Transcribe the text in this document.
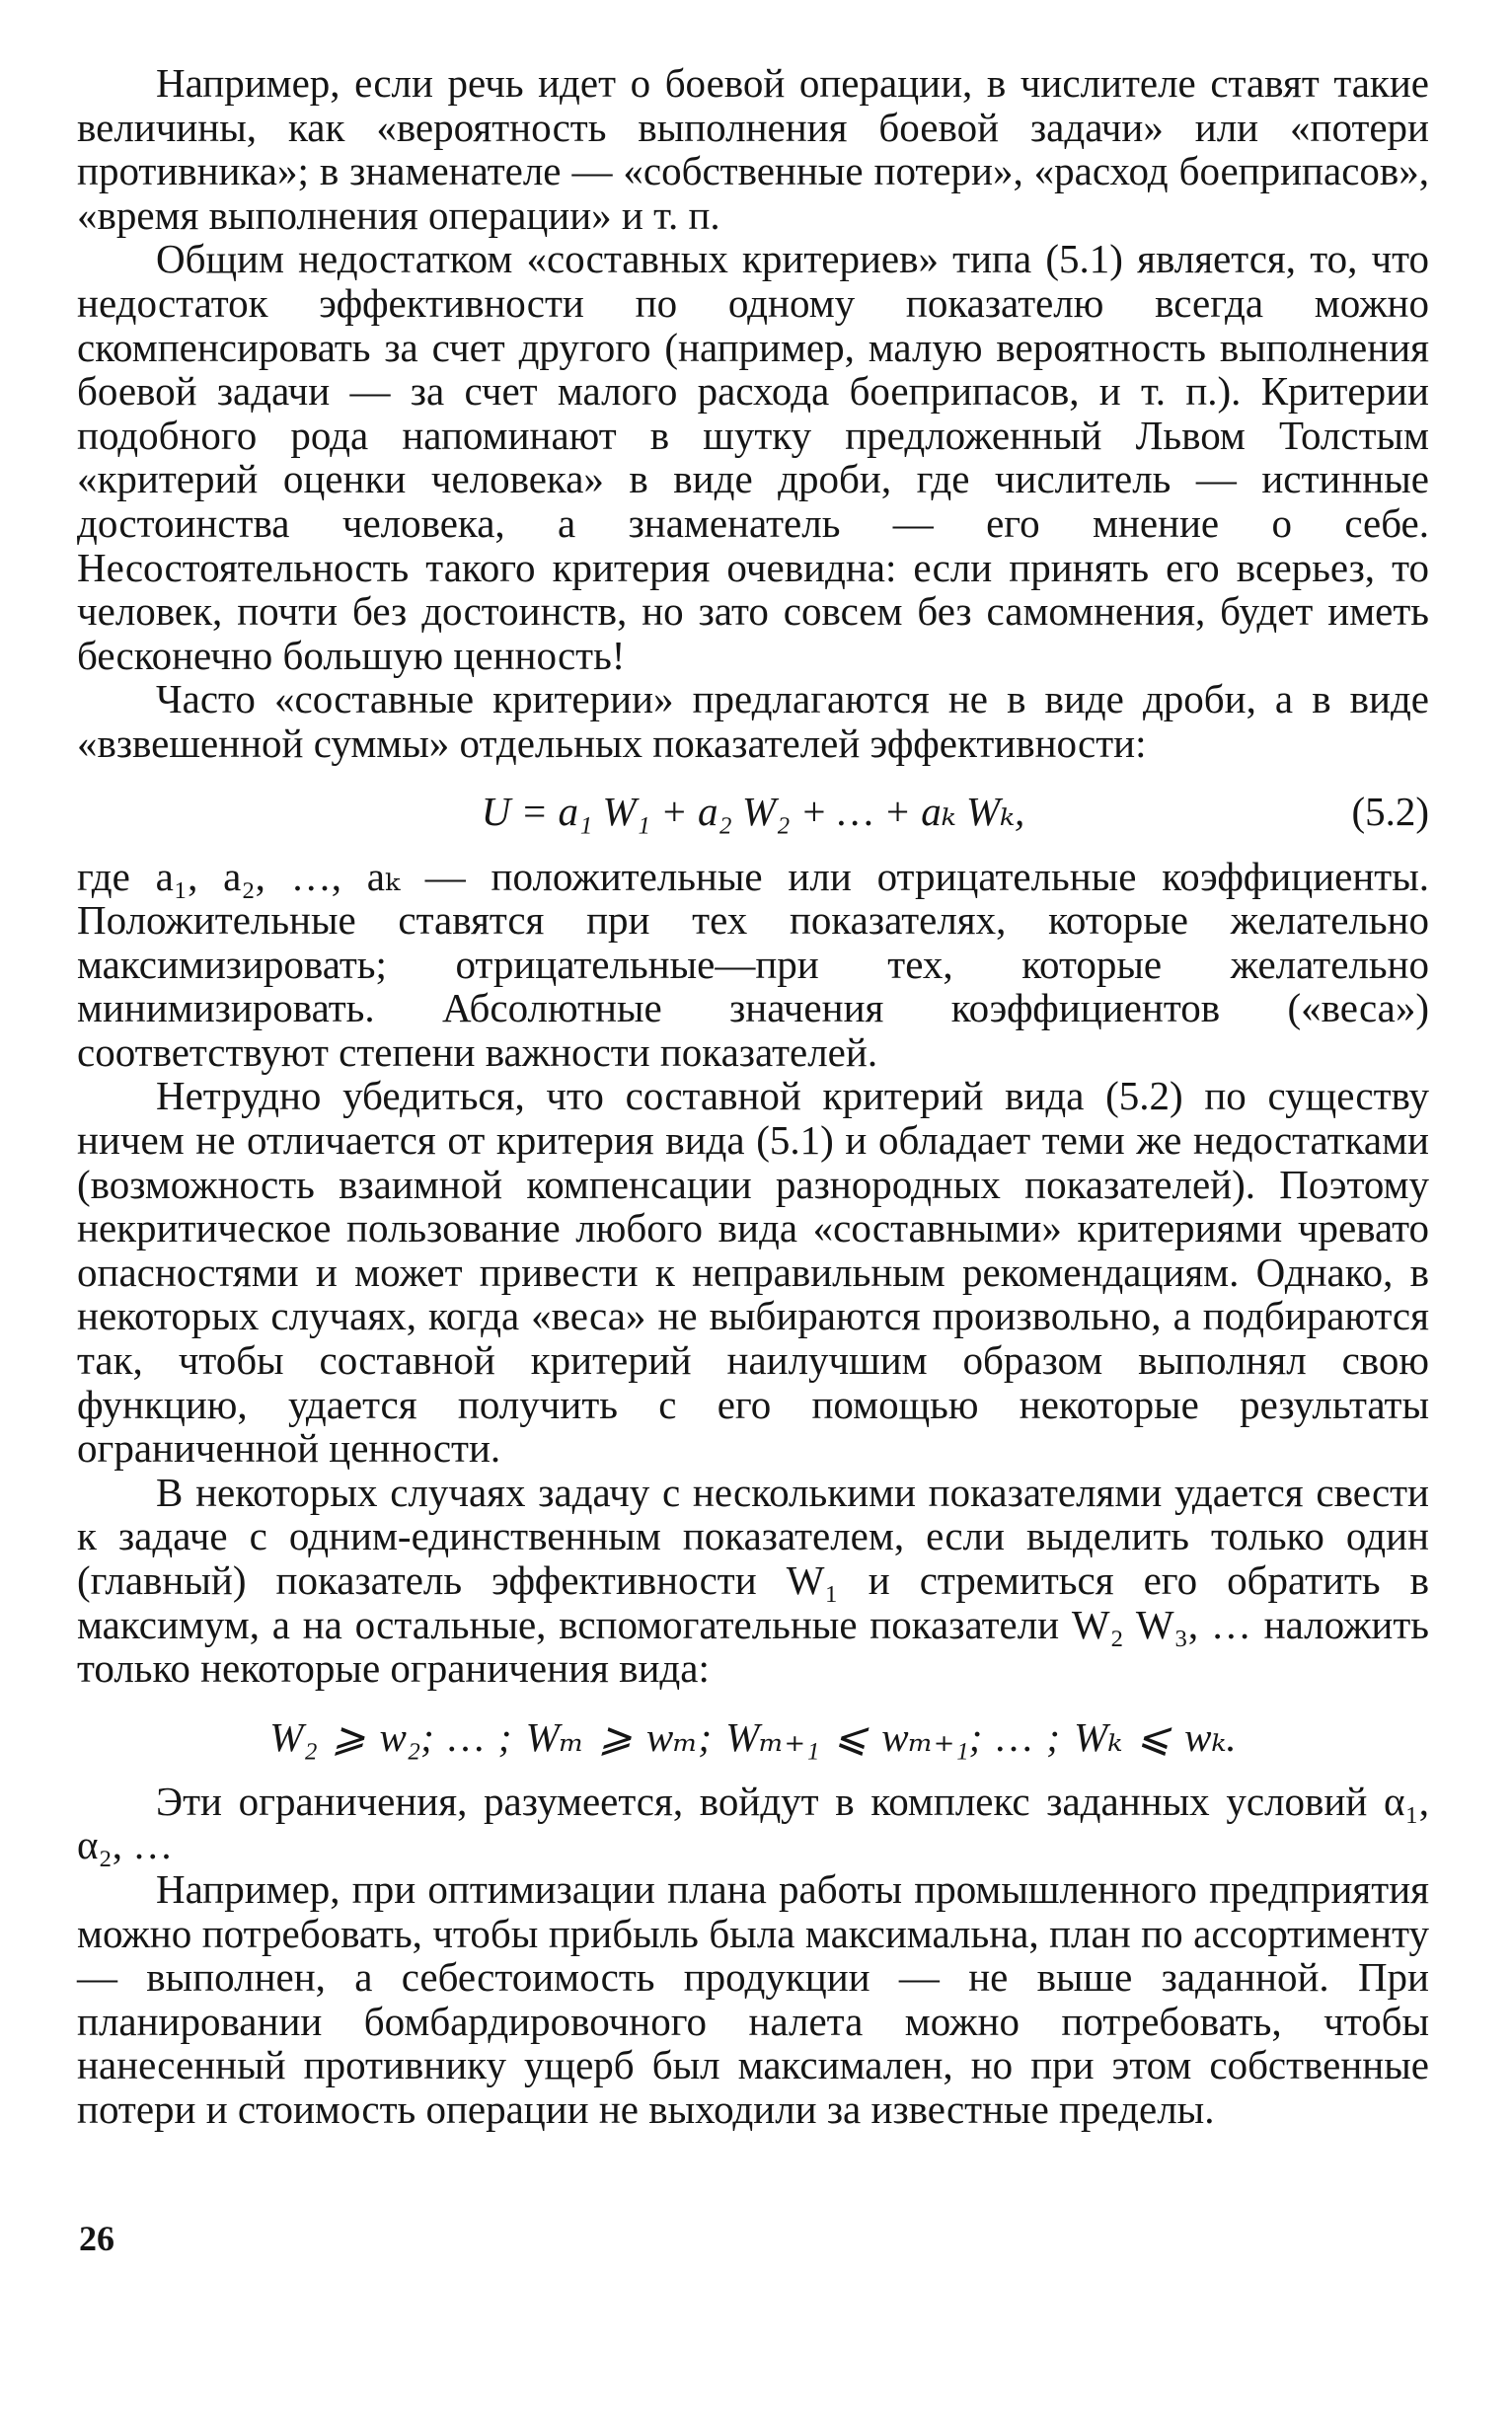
Например, если речь идет о боевой операции, в числителе ставят такие величины, как «вероятность выполнения боевой задачи» или «потери противника»; в знаменателе — «собственные потери», «расход боеприпасов», «время выполнения операции» и т. п.

Общим недостатком «составных критериев» типа (5.1) является, то, что недостаток эффективности по одному показателю всегда можно скомпенсировать за счет другого (например, малую вероятность выполнения боевой задачи — за счет малого расхода боеприпасов, и т. п.). Критерии подобного рода напоминают в шутку предложенный Львом Толстым «критерий оценки человека» в виде дроби, где числитель — истинные достоинства человека, а знаменатель — его мнение о себе. Несостоятельность такого критерия очевидна: если принять его всерьез, то человек, почти без достоинств, но зато совсем без самомнения, будет иметь бесконечно большую ценность!

Часто «составные критерии» предлагаются не в виде дроби, а в виде «взвешенной суммы» отдельных показателей эффективности:

U = a₁ W₁ + a₂ W₂ + … + aₖ Wₖ,	(5.2)

где a₁, a₂, …, aₖ — положительные или отрицательные коэффициенты. Положительные ставятся при тех показателях, которые желательно максимизировать; отрицательные—при тех, которые желательно минимизировать. Абсолютные значения коэффициентов («веса») соответствуют степени важности показателей.

Нетрудно убедиться, что составной критерий вида (5.2) по существу ничем не отличается от критерия вида (5.1) и обладает теми же недостатками (возможность взаимной компенсации разнородных показателей). Поэтому некритическое пользование любого вида «составными» критериями чревато опасностями и может привести к неправильным рекомендациям. Однако, в некоторых случаях, когда «веса» не выбираются произвольно, а подбираются так, чтобы составной критерий наилучшим образом выполнял свою функцию, удается получить с его помощью некоторые результаты ограниченной ценности.

В некоторых случаях задачу с несколькими показателями удается свести к задаче с одним-единственным показателем, если выделить только один (главный) показатель эффективности W₁ и стремиться его обратить в максимум, а на остальные, вспомогательные показатели W₂ W₃, … наложить только некоторые ограничения вида:

W₂ ⩾ w₂; … ; Wₘ ⩾ wₘ; Wₘ₊₁ ⩽ wₘ₊₁; … ; Wₖ ⩽ wₖ.

Эти ограничения, разумеется, войдут в комплекс заданных условий α₁, α₂, …

Например, при оптимизации плана работы промышленного предприятия можно потребовать, чтобы прибыль была максимальна, план по ассортименту — выполнен, а себестоимость продукции — не выше заданной. При планировании бомбардировочного налета можно потребовать, чтобы нанесенный противнику ущерб был максимален, но при этом собственные потери и стоимость операции не выходили за известные пределы.

26
